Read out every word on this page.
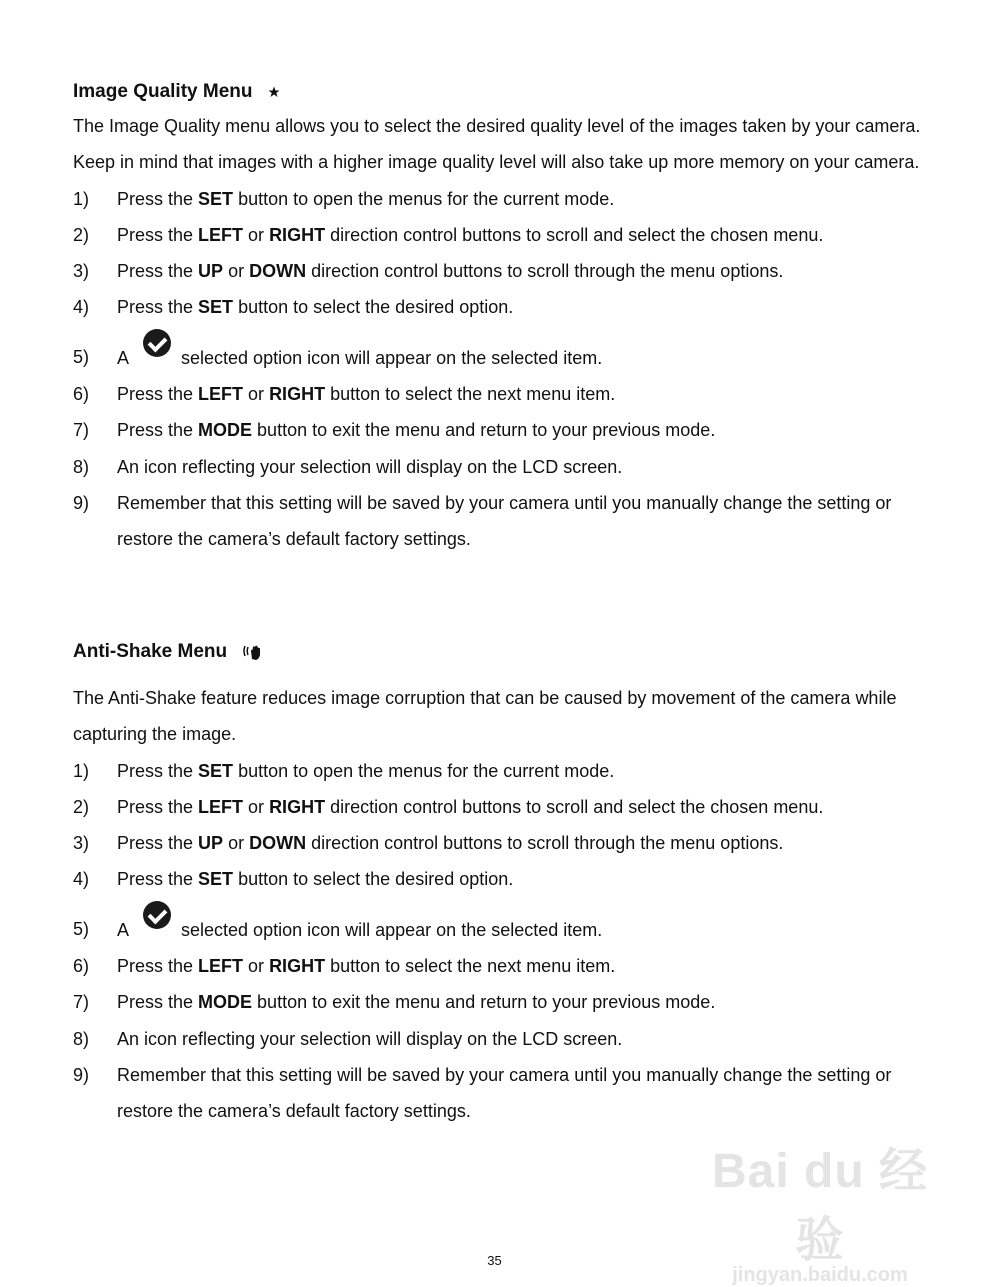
Image Quality Menu
The Image Quality menu allows you to select the desired quality level of the images taken by your camera. Keep in mind that images with a higher image quality level will also take up more memory on your camera.
1) Press the SET button to open the menus for the current mode.
2) Press the LEFT or RIGHT direction control buttons to scroll and select the chosen menu.
3) Press the UP or DOWN direction control buttons to scroll through the menu options.
4) Press the SET button to select the desired option.
5) A	selected option icon will appear on the selected item.
6) Press the LEFT or RIGHT button to select the next menu item.
7) Press the MODE button to exit the menu and return to your previous mode.
8) An icon reflecting your selection will display on the LCD screen.
9) Remember that this setting will be saved by your camera until you manually change the setting or restore the camera’s default factory settings.
Anti-Shake Menu
The Anti-Shake feature reduces image corruption that can be caused by movement of the camera while capturing the image.
1) Press the SET button to open the menus for the current mode.
2) Press the LEFT or RIGHT direction control buttons to scroll and select the chosen menu.
3) Press the UP or DOWN direction control buttons to scroll through the menu options.
4) Press the SET button to select the desired option.
5) A	selected option icon will appear on the selected item.
6) Press the LEFT or RIGHT button to select the next menu item.
7) Press the MODE button to exit the menu and return to your previous mode.
8) An icon reflecting your selection will display on the LCD screen.
9) Remember that this setting will be saved by your camera until you manually change the setting or restore the camera’s default factory settings.
Bai du 经验
jingyan.baidu.com
35
